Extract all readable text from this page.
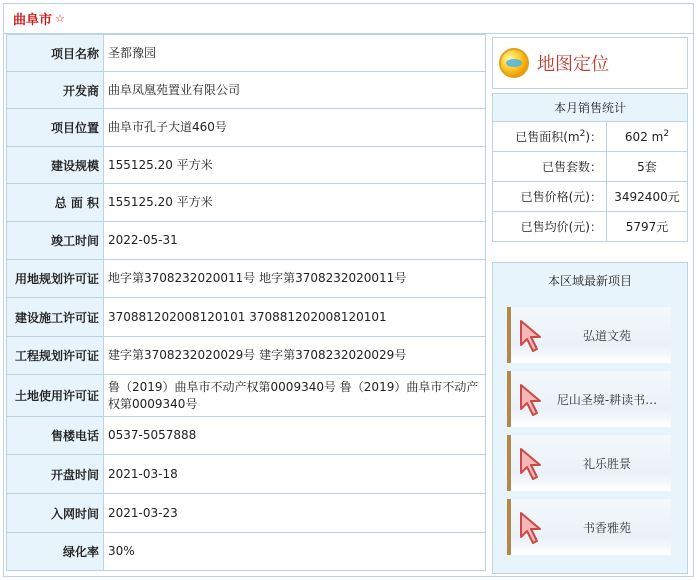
曲阜市 ☆
项目名称	圣都豫园
开发商	曲阜凤凰苑置业有限公司
项目位置	曲阜市孔子大道460号
建设规模	155125.20 平方米
总 面 积	155125.20 平方米
竣工时间	2022-05-31
用地规划许可证	地字第3708232020011号 地字第3708232020011号
建设施工许可证	370881202008120101 370881202008120101
工程规划许可证	建字第3708232020029号 建字第3708232020029号
土地使用许可证	鲁（2019）曲阜市不动产权第0009340号 鲁（2019）曲阜市不动产权第0009340号
售楼电话	0537-5057888
开盘时间	2021-03-18
入网时间	2021-03-23
绿化率	30%
地图定位
本月销售统计	
已售面积$(m^2)$：	602 $m^2$
已售套数：	5套
已售价格(元)：	3492400元
已售均价(元)：	5797元
本区域最新项目
弘道文苑
尼山圣境-耕读书…
礼乐胜景
书香雅苑
